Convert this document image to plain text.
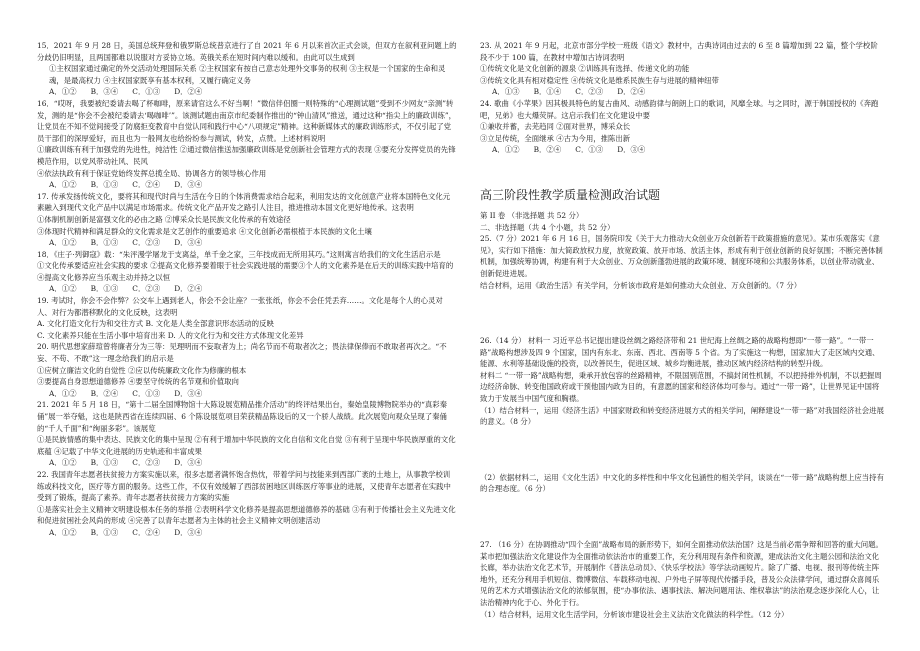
15．2021 年 9 月 28 日，美国总统拜登和俄罗斯总统普京进行了自 2021 年 6 月以来首次正式会谈，但双方在叙利亚问题上的分歧仍旧明显，且两国都难以说服对方妥协立场。英俄关系在短时间内难以缓和。由此可以生成到

①主权国家通过确定的外交活动处理国际关系 ②主权国家有按自己意志处理外交事务的权利 ③主权是一个国家的生命和灵魂，是最高权力 ④主权国家既享有基本权利，又履行确定义务

A．①②      B．③④      C．①③      D．②④

16．“哎呀，我要被纪委请去喝了杯咖啡，原来请官这么不好当啊！”微信伴侣圈一则特殊的“心理测试题”受到不少网友“亲测”转发，测的是“你会不会被纪委请去‘喝咖啡’”。该测试题由南京市纪委制作推出的“钟山清风”推送，通过这种“指尖上的廉政训练”，让党员在不知不觉间接受了防腐拒变教育中自觉认同和践行中心“八项规定”精神。这种新媒体式的廉政训练形式，不仅引起了党员干部们的深厚爱好，而且也为一般网友也给纷纷参与测试，转发，点赞。上述材料说明

①廉政训练有利于加强党的先进性，纯洁性 ②通过微信推送加强廉政训练是党创新社会管理方式的表现 ③要充分发挥党员的先锋模范作用，以党风带动社风、民风

④依法执政有利于保证党始终发挥总揽全局、协调各方的领导核心作用

A．①②      B．①③      C．②④      D．③④

17. 传承发扬传统文化，要将其和现代时尚与生活在今日的个体消费需求结合起来，利用发达的文化创意产业将本国特色文化元素融入到现代文化产品中以满足市场需求。传统文化产品开发之路引人注目，推进推动本国文化更好地传承。这表明

①体制机制创新是富强文化的必由之路 ②博采众长是民族文化传承的有效途径

③体现时代精神和满足群众的文化需求是文艺创作的重要追求 ④文化创新必需根植于本民族的文化土壤

A．①②      B．①③      C．②③      D．③④

18．《庄子·列御寇》载：“朱泙漫学屠龙于支离益，单千金之家，三年技成而无所用其巧。”这则寓言给我们的文化生活启示是

①文化传承要适应社会实践的要求 ②提高文化修养要着眼于社会实践进展的需要③个人的文化素养是在后天的训练实践中培育的 ④提高文化修养应当乐观主动并持之以恒

A．①②      B．①③      C．②③      D．②④

19. 考试时，你会不会作弊？公交车上遇到老人，你会不会让座？一张张纸，你会不会任凭丢弃……。文化是每个人的心灵对人、对行为都潜移默化的文化反映，这表明

A. 文化打造文化行为和交往方式 B. 文化是人类全部意识形态活动的反映

C. 文化素养只能在生活小事中培育出来 D. 人的文化行为和交往方式体现文化差异

20. 明代思想家薛瑄曾将廉者分为三等：见理明而不妄取者为上；尚名节而不苟取者次之；畏法律保俸而不敢取者再次之。“不妄、不苟、不敢”这一理念给我们的启示是

①应树立廉洁文化的自觉性 ②应以传统廉政文化作为修廉的根本

③要提高自身思想道德修养 ④要坚守传统的名节观和价值取向

A．①②      B．②④      C．①③      D．③④

21. 2021 年 5 月 18 日，“第十二届全国博物馆十大陈设展览精品推介活动”的终评结果出台，秦始皇陵博物院举办的“真彩秦俑”展一举夺魁，这也是陕西省在连续四届、6 个陈设展览项目荣获精品陈设后的又一个骄人战绩。此次展览向观众呈现了秦俑的“千人千面”和“绚丽多彩”。该展览

①是民族情感的集中表达、民族文化的集中呈现 ②有利于增加中华民族的文化自信和文化自觉 ③有利于呈现中华民族厚重的文化底蕴 ④记载了中华文化进展的历史轨迹和丰富成果

A．①②      B．①③      C．②③      D．③④

22. 我国青年志愿者扶贫接力方案实施以来，很多志愿者满怀饱含热忱，带着学问与技能来到西部广袤的土地上，从事教学校训练或科技文化，医疗等方面的服务。这些工作，不仅有效缓解了西部贫困地区训练医疗等事业的进展，又使青年志愿者在实践中受到了锻炼，提高了素养。青年志愿者扶贫接力方案的实施

①是落实社会主义精神文明建设根本任务的举措 ②表明科学文化修养是提高思想道德修养的基础 ③有利于传播社会主义先进文化和促进贫困社会风尚的形成 ④完善了以青年志愿者为主体的社会主义精神文明创建活动

A．①②      B．①③      C．②④      D．③④

23. 从 2021 年 9 月起，北京市部分学校一班级《语文》教材中，古典诗词由过去的 6 至 8 篇增加到 22 篇，整个学校阶段不少于 100 篇，在教材中增加古诗词表明

①传统文化是文化创新的源泉 ②训练具有选择、传递文化的功能

③传统文化具有相对稳定性 ④传统文化是维系民族生存与进展的精神纽带

A．①③      B．①④      C．②③      D．②④

24. 歌曲《小苹果》因其极具特色的复古曲风、动感韵律与朗朗上口的歌词，风靡全球。与之同时，源于韩国授权的《奔跑吧，兄弟》也大爆荧屏。这启示我们在文化建设中要

①兼收并蓄，去芜趋同 ②面对世界，博采众长

③立足传统，全面继承 ④古为今用，推陈出新

A．①②      B．②④      C．①③      D．③④

高三阶段性教学质量检测政治试题

第 II 卷 （非选择题 共 52 分）

二、非选择题（共 4 个小题，共 52 分）

25.（7 分）2021 年 6 月 16 日，国务院印发《关于大力推动大众创业万众创新若干政策措施的意见》。某市乐观落实《意见》，实行如下措施：加大简政放权力度，放宽政策、放开市场、放活主体，形成有利于创业创新的良好氛围；不断完善体制机制，加强统筹协调，构建有利于大众创业、万众创新蓬勃进展的政策环境、制度环境和公共服务体系，以创业带动就业、创新促进进展。

结合材料，运用《政治生活》有关学问，分析该市政府是如何推动大众创业、万众创新的。（7 分）

26.（14 分） 材料一 习近平总书记提出建设丝绸之路经济带和 21 世纪海上丝绸之路的战略构想即“一带一路”。“一带一路”战略构想涉及四 9 个国家，国内有东北、东南、西北、西南等 5 个省。为了实施这一构想，国家加大了走区域内交通、能源、水利等基础设施的投资，以改善民生，促进区域、城乡均衡进展，推动区域内经济结构的转型升级。

材料二 “一带一路”战略构想，秉承开放包容的丝路精神，不限国别范围，不搞封闭性机制，不以把持排外机制，不以把握周边经济命脉、转变他国政府或干预他国内政为目的，有意愿的国家和经济体均可参与。通过“一带一路”，让世界见证中国将致力于发展当中国气度和胸襟。

（1）结合材料一，运用《经济生活》中国家财政和转变经济进展方式的相关学问，阐释建设“一带一路”对我国经济社会进展的意义。（8 分）

（2）依据材料二，运用《文化生活》中文化的多样性和中华文化包涵性的相关学问，谈谈在“一带一路”战略构想上应当持有的合理态度。（6 分）

27. （16 分）在协调推动“四个全面”战略布局的新形势下，如何全面推动依法治国？这是当前必需争辩和回答的重大问题。某市把加强法治文化建设作为全面推动依法治市的重要工作，充分利用现有条件和资源，建成法治文化主题公园和法治文化长廊，举办法治文化艺术节，开展制作《普法总动员》、《快乐学校法》等学法动画短片。除了广播、电视、报刊等传统主阵地外，还充分利用手机短信、微博微信、车载移动电视、户外电子屏等现代传播手段，普及公众法律学问，通过群众喜闻乐见的艺术方式增强法治文化的浓郁氛围，使“办事依法、遇事找法、解决问题用法、维权靠法”的法治观念逐步深化人心，让法治精神内化于心、外化于行。

（1）结合材料，运用文化生活学问，分析该市建设社会主义法治文化做法的科学性。（12 分）
